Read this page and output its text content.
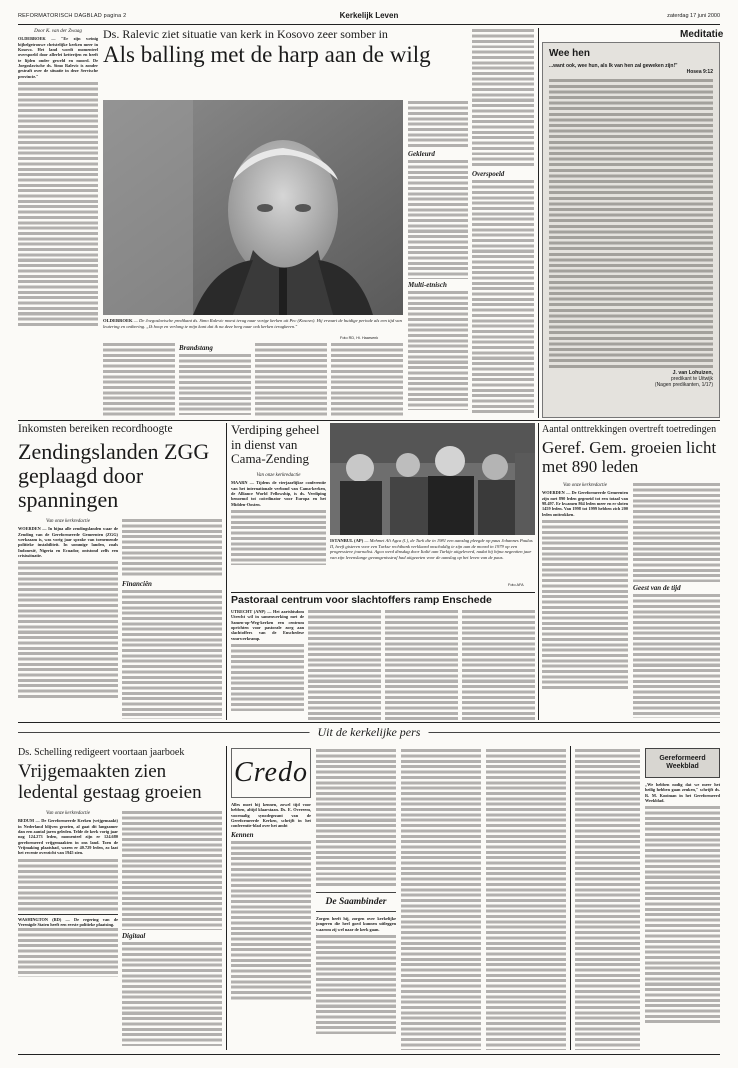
REFORMATORISCH DAGBLAD pagina 2	Kerkelijk Leven	zaterdag 17 juni 2000
Door K. van der Zwaag

OLDEBROEK — "Er zijn weinig bijbelgetrouwe christelijke kerken meer in Kosovo. Het land wordt momenteel overspoeld door allerlei ketterijen en heeft te lijden onder geweld en moord. De Joegoslavische ds. Simo Ralevic is zonder gestraft over de situatie in deze Servische provincie."

Ds. Ralevic ziet situatie van kerk in Kosovo zeer somber in
Als balling met de harp aan de wilg
OLDEBROEK — De Joegoslavische predikant ds. Simo Ralevic moest terug naar vorige kerken uit Pec (Kosovo). Hij ervaart de huidige periode als een tijd van leutering en ontbering. „Ik hoop en verlang te mijn kant dat ik na deze berg naar ook kerken terugkeren."
Foto RD, Hi. Haarsenk
Gekleurd
Multi-etnisch
Overspoeld
Brandstang
Meditatie
Wee hen
...want ook, wee hun, als Ik van hen zal geweken zijn!"
Hosea 9:12
J. van Lohuizen,
predikant te Uitwijk
(Nagen predikanten, 1/17)
Inkomsten bereiken recordhoogte
Zendingslanden ZGG geplaagd door spanningen
Van onze kerkredactie

WOERDEN — In bijna alle zendingslanden waar de Zending van de Gereformeerde Gemeenten (ZGG) werkzaam is, was vorig jaar sprake van toenemende politieke instabiliteit. In sommige landen, zoals Indonesië, Nigeria en Ecuador, ontstond zelfs een crisissituatie.

Financiën
Verdiping geheel in dienst van Cama-Zending
Van onze kerkredactie

MAARN — Tijdens de vierjaarlijkse conferentie van het internationale verbond van Cama-kerken, de Alliance World Fellowship, is ds. Verdiping benoemd tot coördinator voor Europa en het Midden-Oosten.

ISTANBUL (AP) — Mehmet Ali Agca (l.), de Turk die in 1981 een aanslag pleegde op paus Johannes Paulus II, heeft gisteren voor een Turkse rechtbank verklaard onschuldig te zijn aan de moord in 1979 op een progressieve journalist. Agca werd dinsdag door Italië aan Turkije uitgeleverd, nadat hij bijna negentien jaar van zijn levenslange gevangenisstraf had uitgezeten voor de aanslag op het leven van de paus.
Foto AFA
Pastoraal centrum voor slachtoffers ramp Enschede

UTRECHT (ANP) — Het aartsbisdom Utrecht wil in samenwerking met de Samen-op-Weg-kerken een centrum oprichten voor pastorale zorg aan slachtoffers van de Enschedese vuurwerkramp.

Aantal onttrekkingen overtreft toetredingen
Geref. Gem. groeien licht met 890 leden
Van onze kerkredactie

WOERDEN — De Gereformeerde Gemeenten zijn met 890 leden gegroeid tot een totaal van 98.497. Er kwamen 864 leden meer en er sloten 1459 leden. Van 1998 tot 1999 hebben zich 200 leden onttrokken.

Geest van de tijd
Uit de kerkelijke pers
Ds. Schelling redigeert voortaan jaarboek
Vrijgemaakten zien ledental gestaag groeien
Van onze kerkredactie

BEDUM — De Gereformeerde Kerken (vrijgemaakt) in Nederland blijven groeien, al gaat dit langzamer dan een aantal jaren geleden. Telde de kerk vorig jaar nog 124.273 leden, momenteel zijn er 124.680 gereformeerd vrijgemaakten in ons land. Toen de Vrijmaking plaatshad, waren er 40.729 leden, zo laat het recente overzicht van 1945 zien.

WASHINGTON (RD) — De regering van de Verenigde Staten heeft een eerste politieke plaatsing.

Digitaal
Credo

Alles moet bij kennen, zowel tijd voor hebben, altijd klaarstaan. Ds. E. Overeem, voormalig synodegezant van de Gereformeerde Kerken, schrijft in het conferentie-blad over het ambt

Kennen
De Saambinder

Zorgen heeft hij, zorgen over kerkelijke jongeren die heel goed kunnen uitleggen waarom zij wel naar de kerk gaan.

Gereformeerd Weekblad

„We hebben nodig dat we meer het heilig hebben gaan zeuken," schrijft ds. R. M. Kooiman in het Gereformeerd Weekblad.
